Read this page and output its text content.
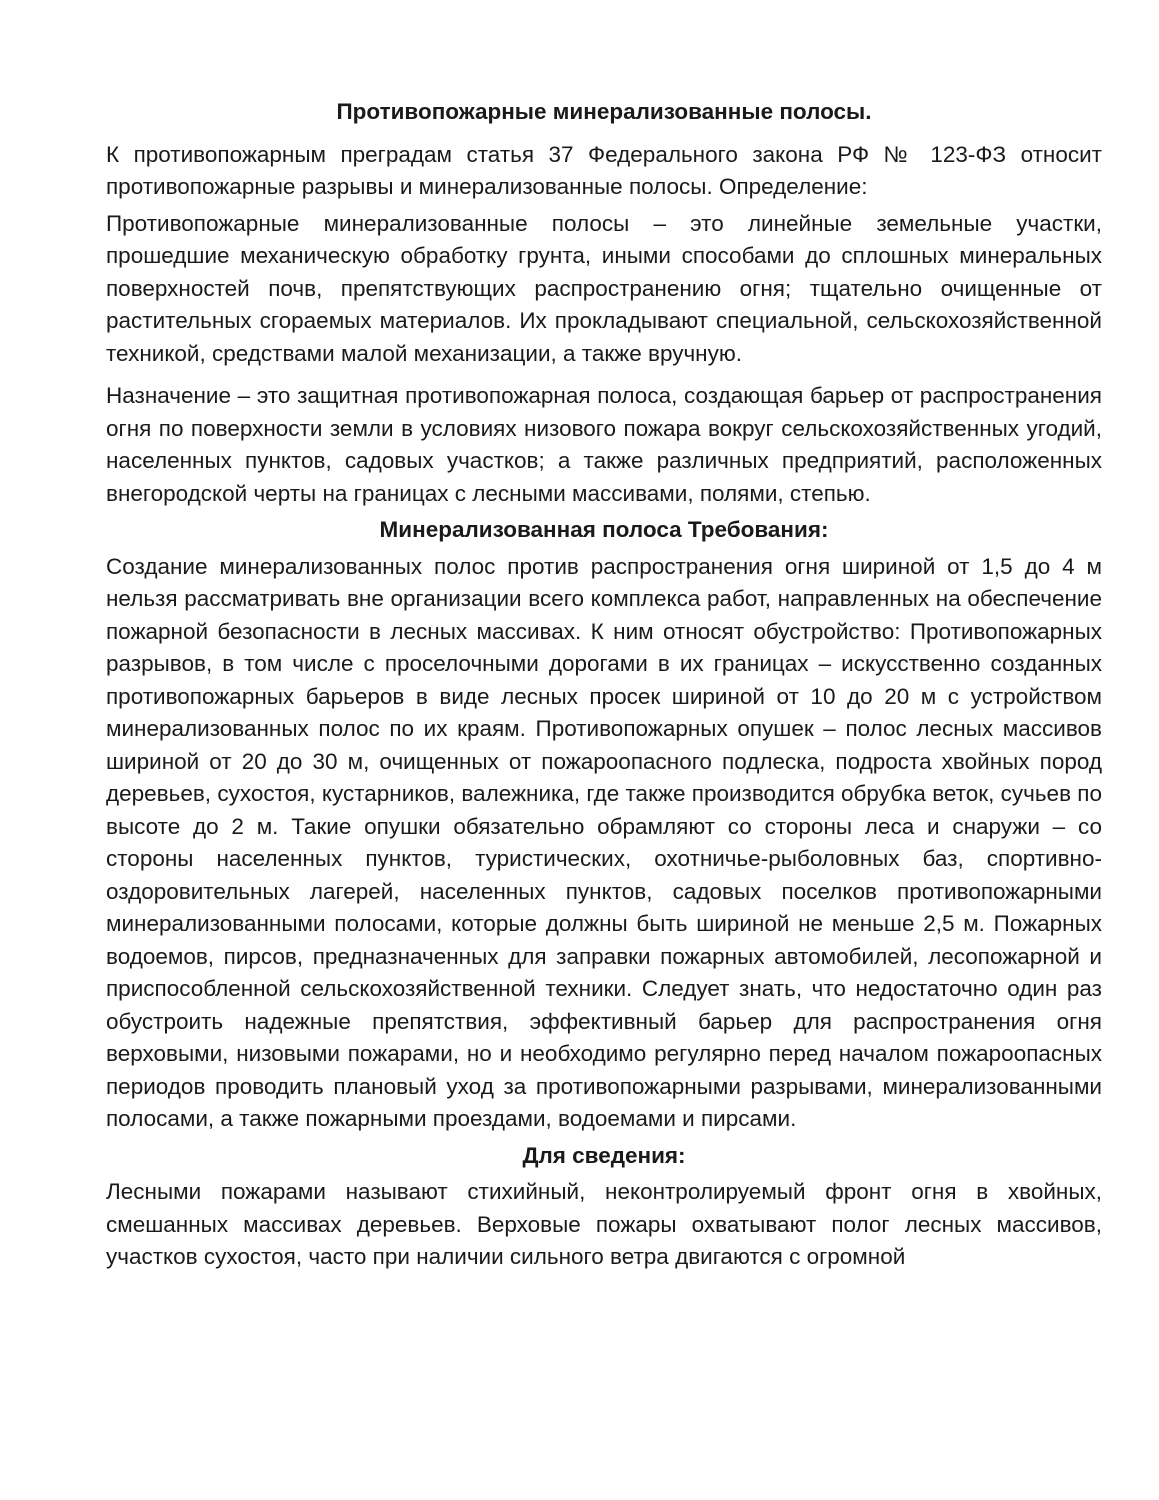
Противопожарные минерализованные полосы.

К противопожарным преградам статья 37 Федерального закона РФ № 123-ФЗ относит противопожарные разрывы и минерализованные полосы. Определение:

Противопожарные минерализованные полосы – это линейные земельные участки, прошедшие механическую обработку грунта, иными способами до сплошных минеральных поверхностей почв, препятствующих распространению огня; тщательно очищенные от растительных сгораемых материалов. Их прокладывают специальной, сельскохозяйственной техникой, средствами малой механизации, а также вручную.

Назначение – это защитная противопожарная полоса, создающая барьер от распространения огня по поверхности земли в условиях низового пожара вокруг сельскохозяйственных угодий, населенных пунктов, садовых участков; а также различных предприятий, расположенных внегородской черты на границах с лесными массивами, полями, степью.

Минерализованная полоса Требования:

Создание минерализованных полос против распространения огня шириной от 1,5 до 4 м нельзя рассматривать вне организации всего комплекса работ, направленных на обеспечение пожарной безопасности в лесных массивах. К ним относят обустройство: Противопожарных разрывов, в том числе с проселочными дорогами в их границах – искусственно созданных противопожарных барьеров в виде лесных просек шириной от 10 до 20 м с устройством минерализованных полос по их краям. Противопожарных опушек – полос лесных массивов шириной от 20 до 30 м, очищенных от пожароопасного подлеска, подроста хвойных пород деревьев, сухостоя, кустарников, валежника, где также производится обрубка веток, сучьев по высоте до 2 м. Такие опушки обязательно обрамляют со стороны леса и снаружи – со стороны населенных пунктов, туристических, охотничье-рыболовных баз, спортивно-оздоровительных лагерей, населенных пунктов, садовых поселков противопожарными минерализованными полосами, которые должны быть шириной не меньше 2,5 м. Пожарных водоемов, пирсов, предназначенных для заправки пожарных автомобилей, лесопожарной и приспособленной сельскохозяйственной техники. Следует знать, что недостаточно один раз обустроить надежные препятствия, эффективный барьер для распространения огня верховыми, низовыми пожарами, но и необходимо регулярно перед началом пожароопасных периодов проводить плановый уход за противопожарными разрывами, минерализованными полосами, а также пожарными проездами, водоемами и пирсами.

Для сведения:

Лесными пожарами называют стихийный, неконтролируемый фронт огня в хвойных, смешанных массивах деревьев. Верховые пожары охватывают полог лесных массивов, участков сухостоя, часто при наличии сильного ветра двигаются с огромной
